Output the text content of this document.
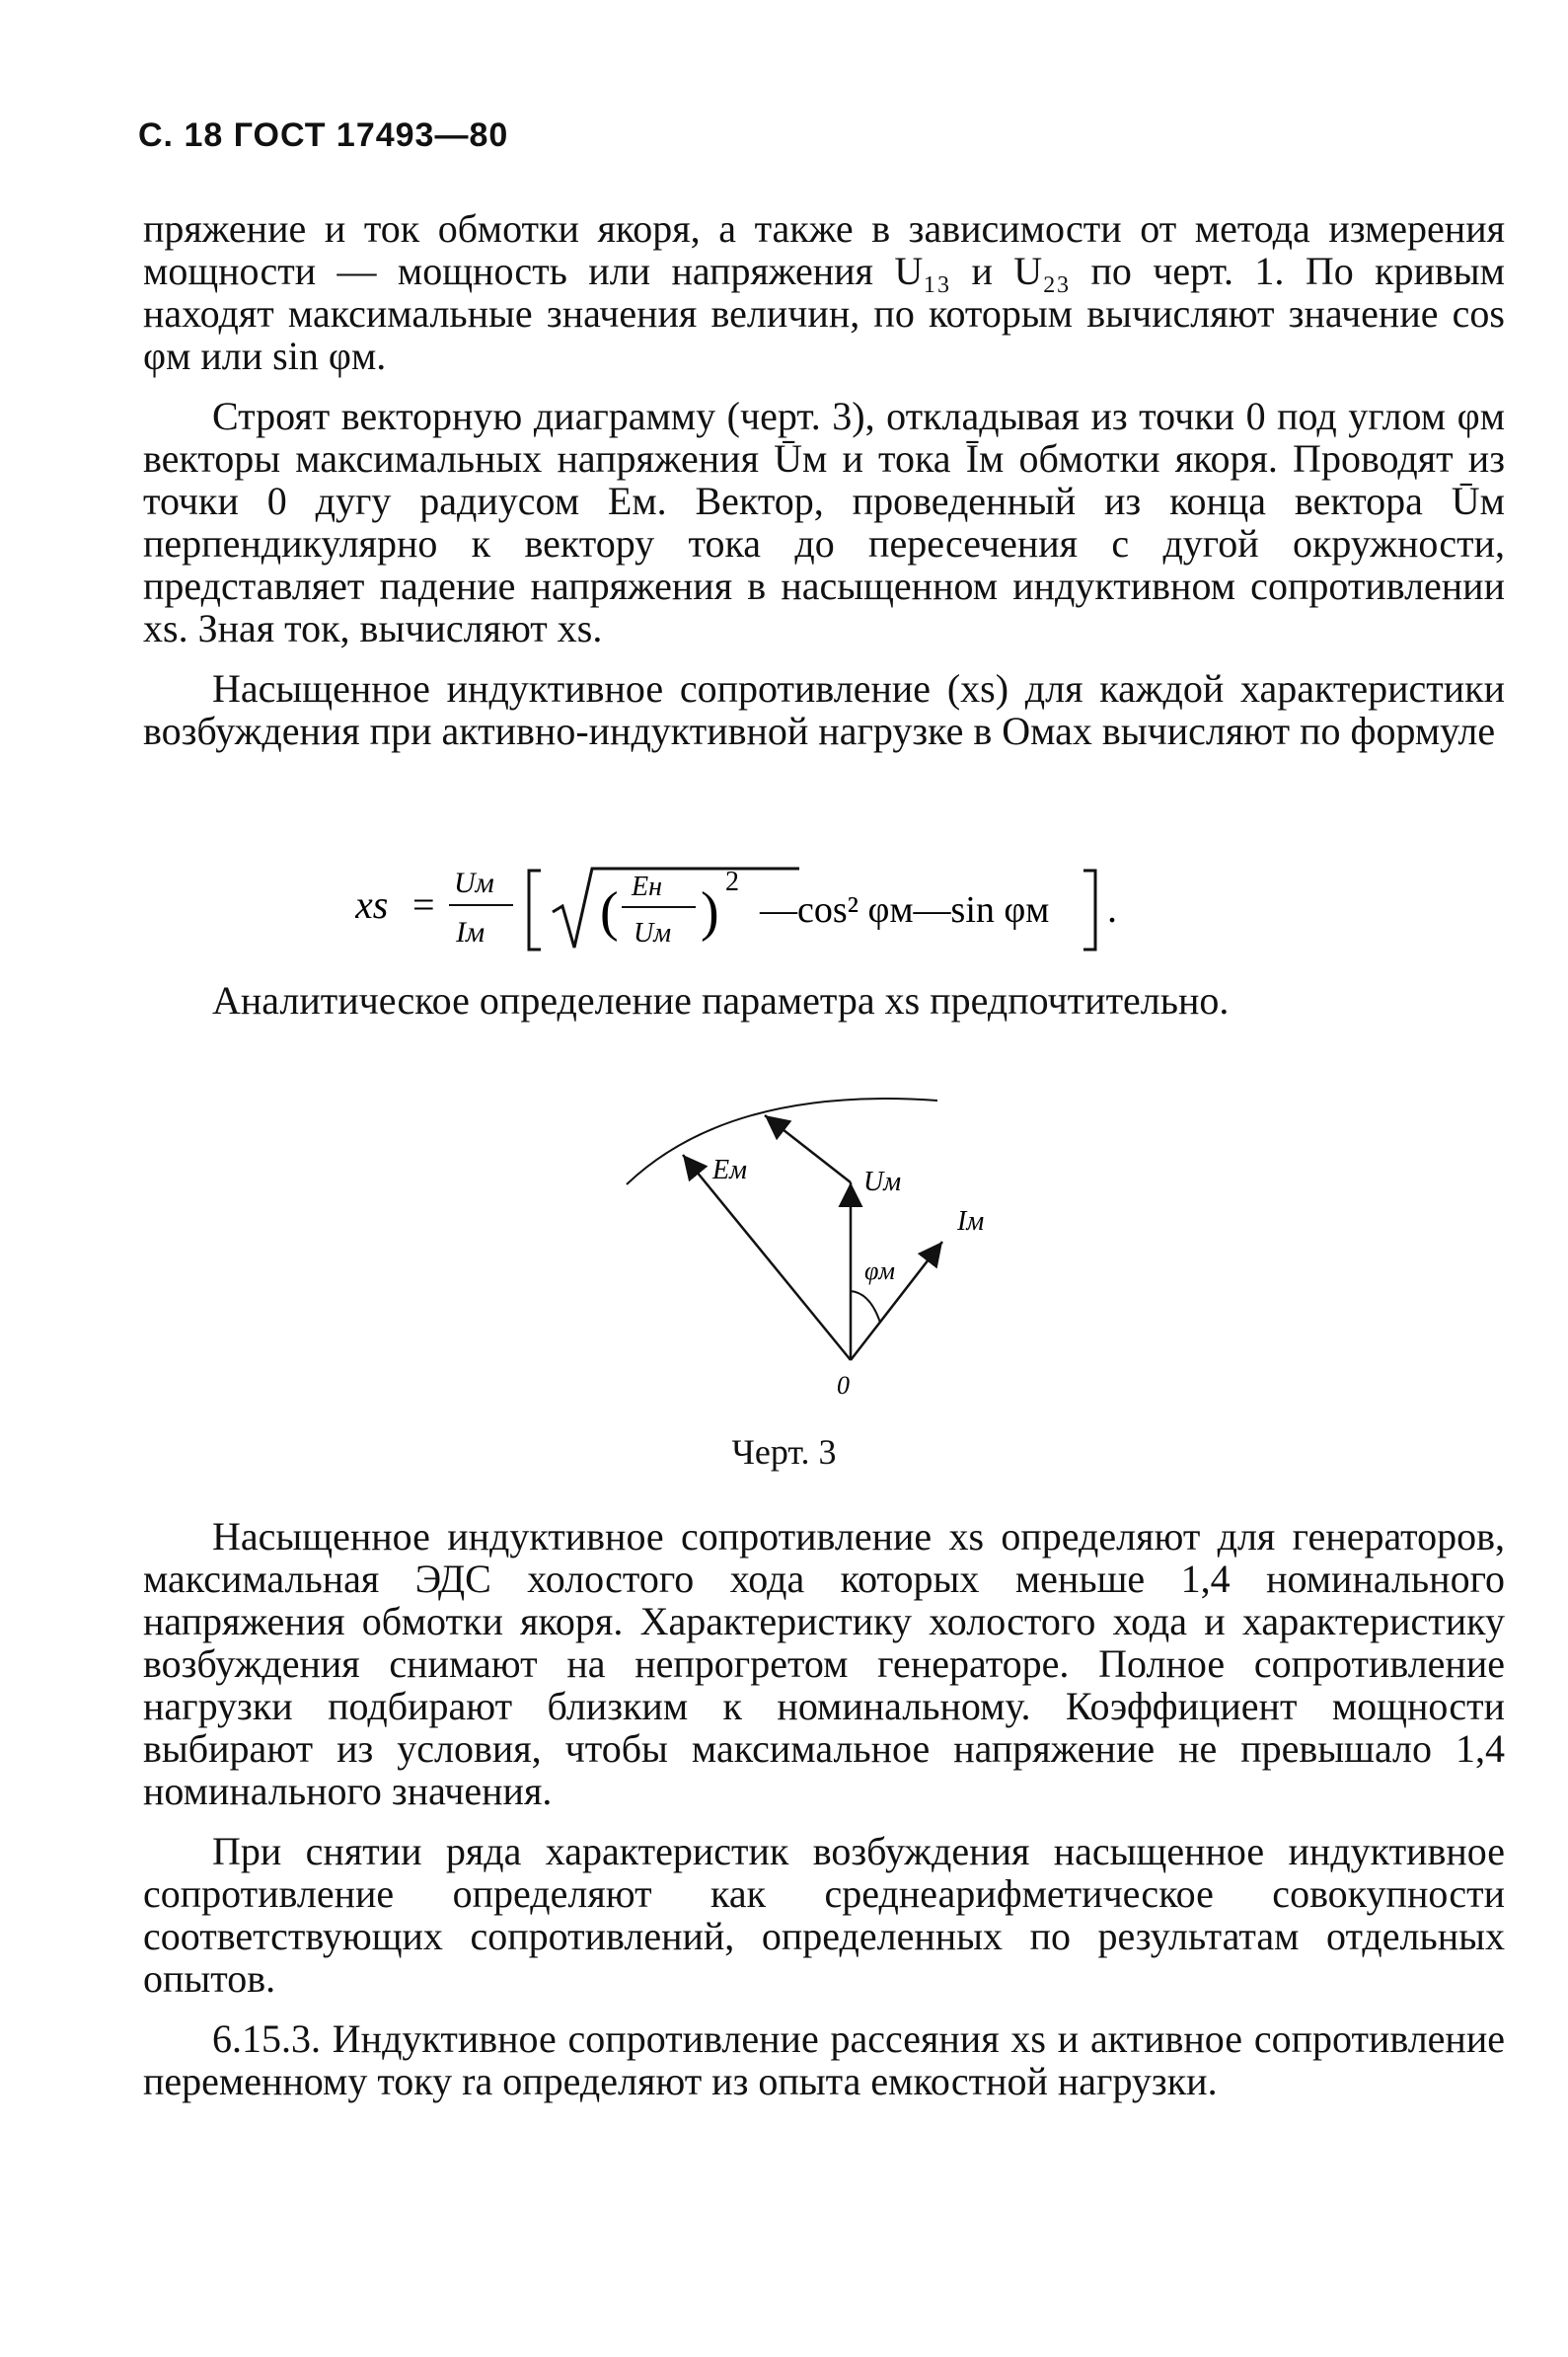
С. 18 ГОСТ 17493—80

пряжение и ток обмотки якоря, а также в зависимости от метода измерения мощности — мощность или напряжения U₁₃ и U₂₃ по черт. 1. По кривым находят максимальные значения величин, по которым вычисляют значение cos φм или sin φм.

Строят векторную диаграмму (черт. 3), откладывая из точки 0 под углом φм векторы максимальных напряжения Ūм и тока Īм обмотки якоря. Проводят из точки 0 дугу радиусом Eм. Вектор, проведенный из конца вектора Ūм перпендикулярно к вектору тока до пересечения с дугой окружности, представляет падение напряжения в насыщенном индуктивном сопротивлении xs. Зная ток, вычисляют xs.

Насыщенное индуктивное сопротивление (xs) для каждой характеристики возбуждения при активно-индуктивной нагрузке в Омах вычисляют по формуле

xs = Uм
Iм ( Eн
Uм ) 2
—cos² φм—sin φм .
Аналитическое определение параметра xs предпочтительно.
Eм	Uм
Iм
φм
0
Черт. 3

Насыщенное индуктивное сопротивление xs определяют для генераторов, максимальная ЭДС холостого хода которых меньше 1,4 номинального напряжения обмотки якоря. Характеристику холостого хода и характеристику возбуждения снимают на непрогретом генераторе. Полное сопротивление нагрузки подбирают близким к номинальному. Коэффициент мощности выбирают из условия, чтобы максимальное напряжение не превышало 1,4 номинального значения.

При снятии ряда характеристик возбуждения насыщенное индуктивное сопротивление определяют как среднеарифметическое совокупности соответствующих сопротивлений, определенных по результатам отдельных опытов.

6.15.3. Индуктивное сопротивление рассеяния xs и активное сопротивление переменному току ra определяют из опыта емкостной нагрузки.
